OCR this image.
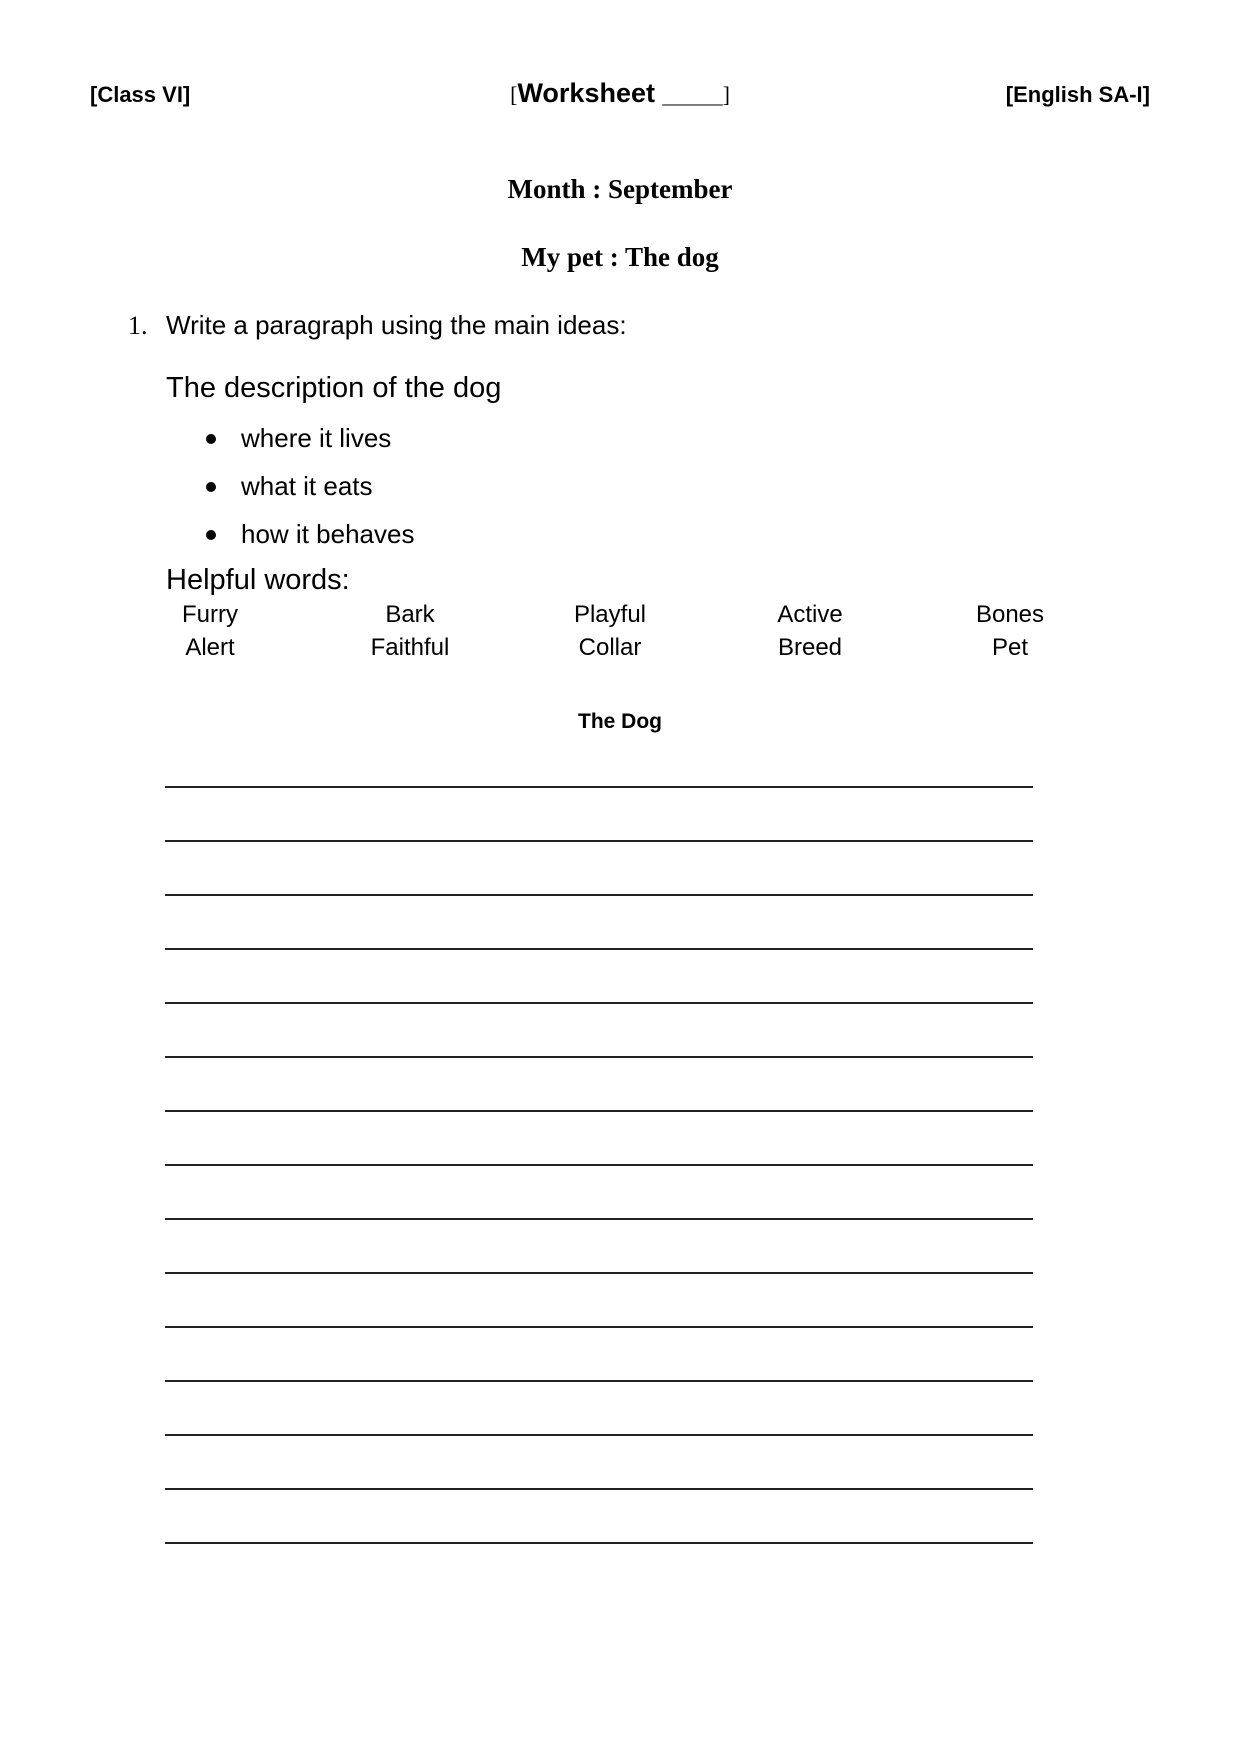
[Class VI]	[Worksheet ____]	[English SA-I]
Month : September
My pet : The dog
1. Write a paragraph using the main ideas:
The description of the dog
where it lives
what it eats
how it behaves
Helpful words:
Furry	Bark	Playful	Active	Bones
Alert	Faithful	Collar	Breed	Pet
The Dog
